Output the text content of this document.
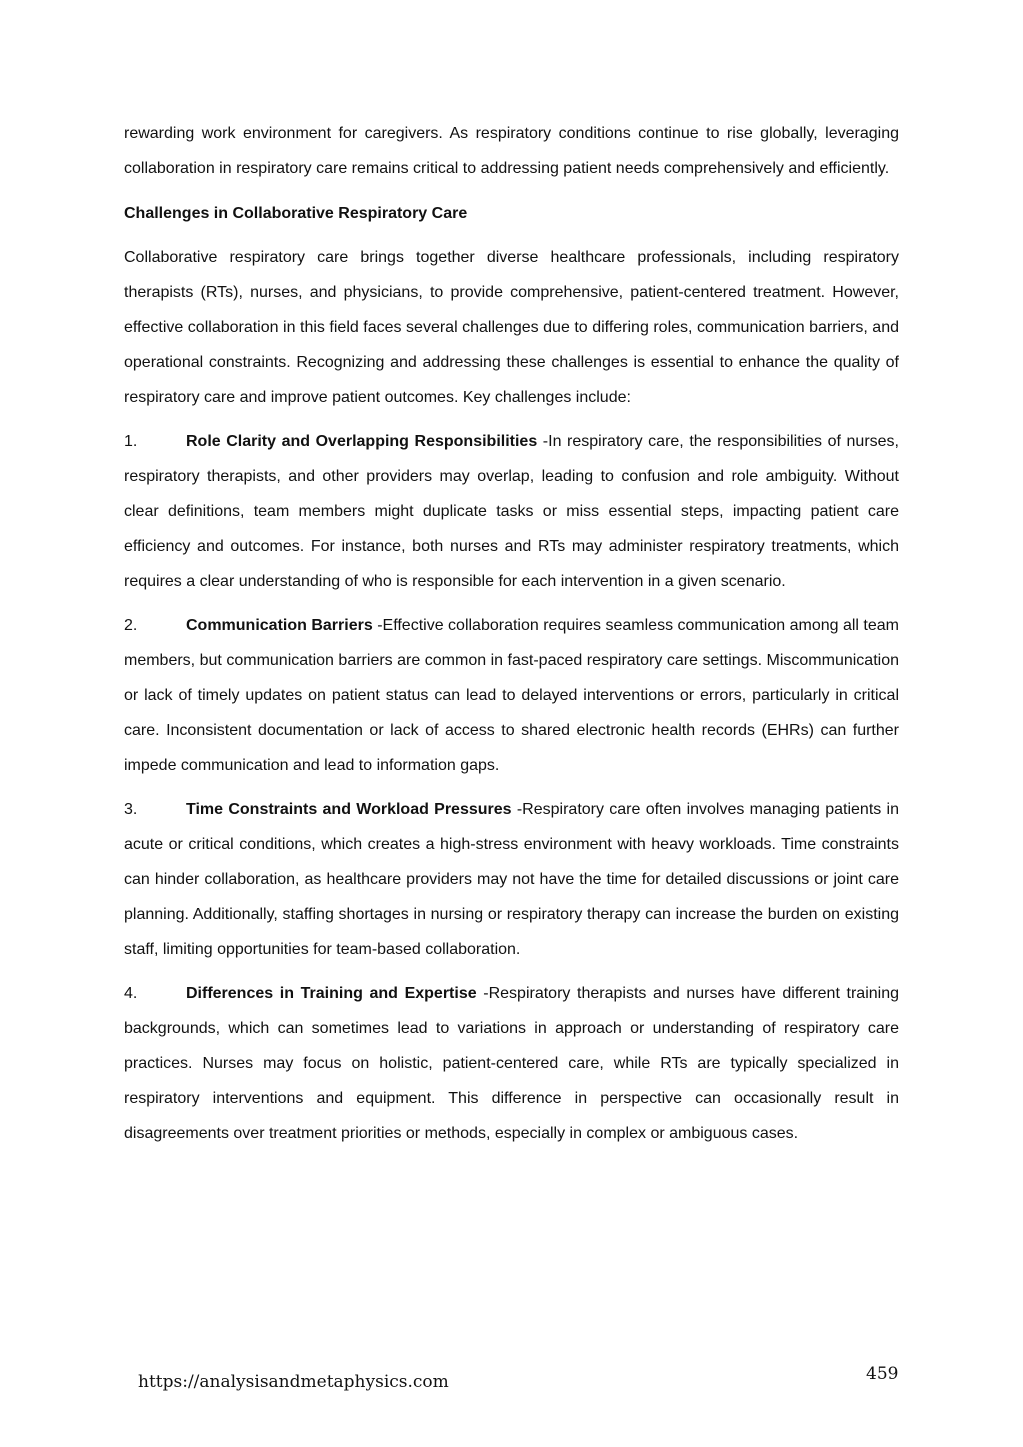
rewarding work environment for caregivers. As respiratory conditions continue to rise globally, leveraging collaboration in respiratory care remains critical to addressing patient needs comprehensively and efficiently.

Challenges in Collaborative Respiratory Care

Collaborative respiratory care brings together diverse healthcare professionals, including respiratory therapists (RTs), nurses, and physicians, to provide comprehensive, patient-centered treatment. However, effective collaboration in this field faces several challenges due to differing roles, communication barriers, and operational constraints. Recognizing and addressing these challenges is essential to enhance the quality of respiratory care and improve patient outcomes. Key challenges include:

1.	Role Clarity and Overlapping Responsibilities -In respiratory care, the responsibilities of nurses, respiratory therapists, and other providers may overlap, leading to confusion and role ambiguity. Without clear definitions, team members might duplicate tasks or miss essential steps, impacting patient care efficiency and outcomes. For instance, both nurses and RTs may administer respiratory treatments, which requires a clear understanding of who is responsible for each intervention in a given scenario.

2.	Communication Barriers -Effective collaboration requires seamless communication among all team members, but communication barriers are common in fast-paced respiratory care settings. Miscommunication or lack of timely updates on patient status can lead to delayed interventions or errors, particularly in critical care. Inconsistent documentation or lack of access to shared electronic health records (EHRs) can further impede communication and lead to information gaps.

3.	Time Constraints and Workload Pressures -Respiratory care often involves managing patients in acute or critical conditions, which creates a high-stress environment with heavy workloads. Time constraints can hinder collaboration, as healthcare providers may not have the time for detailed discussions or joint care planning. Additionally, staffing shortages in nursing or respiratory therapy can increase the burden on existing staff, limiting opportunities for team-based collaboration.

4.	Differences in Training and Expertise -Respiratory therapists and nurses have different training backgrounds, which can sometimes lead to variations in approach or understanding of respiratory care practices. Nurses may focus on holistic, patient-centered care, while RTs are typically specialized in respiratory interventions and equipment. This difference in perspective can occasionally result in disagreements over treatment priorities or methods, especially in complex or ambiguous cases.

https://analysisandmetaphysics.com	459
